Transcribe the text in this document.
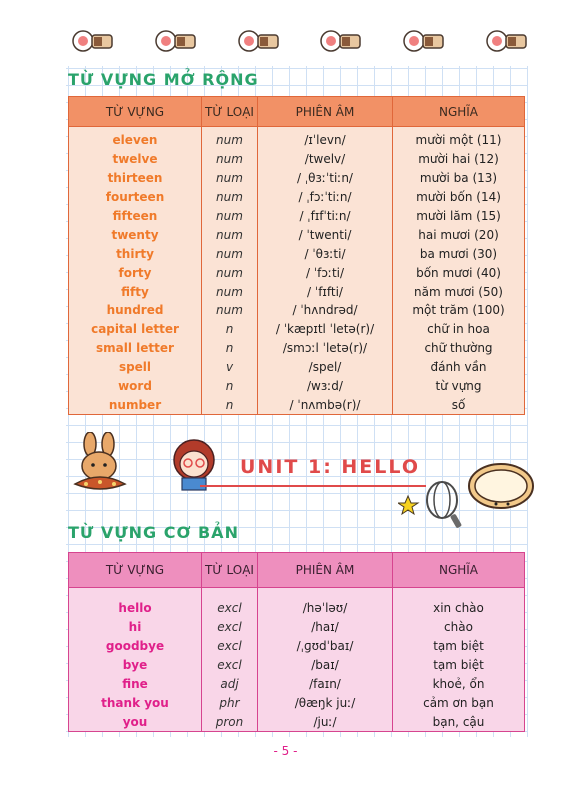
TỪ VỰNG MỞ RỘNG
TỪ VỰNG	TỪ LOẠI	PHIÊN ÂM	NGHĨA
eleven	num	/ɪˈlevn/	mười một (11)
twelve	num	/twelv/	mười hai (12)
thirteen	num	/ ˌθɜːˈtiːn/	mười ba (13)
fourteen	num	/ ˌfɔːˈtiːn/	mười bốn (14)
fifteen	num	/ ˌfɪfˈtiːn/	mười lăm (15)
twenty	num	/ ˈtwenti/	hai mươi (20)
thirty	num	/ ˈθɜːti/	ba mươi (30)
forty	num	/ ˈfɔːti/	bốn mươi (40)
fifty	num	/ ˈfɪfti/	năm mươi (50)
hundred	num	/ ˈhʌndrəd/	một trăm (100)
capital letter	n	/ ˈkæpɪtl ˈletə(r)/	chữ in hoa
small letter	n	/smɔːl ˈletə(r)/	chữ thường
spell	v	/spel/	đánh vần
word	n	/wɜːd/	từ vựng
number	n	/ ˈnʌmbə(r)/	số
UNIT 1: HELLO
TỪ VỰNG CƠ BẢN
TỪ VỰNG	TỪ LOẠI	PHIÊN ÂM	NGHĨA
hello	excl	/həˈləʊ/	xin chào
hi	excl	/haɪ/	chào
goodbye	excl	/ˌɡʊdˈbaɪ/	tạm biệt
bye	excl	/baɪ/	tạm biệt
fine	adj	/faɪn/	khoẻ, ổn
thank you	phr	/θæŋk juː/	cảm ơn bạn
you	pron	/juː/	bạn, cậu
- 5 -
